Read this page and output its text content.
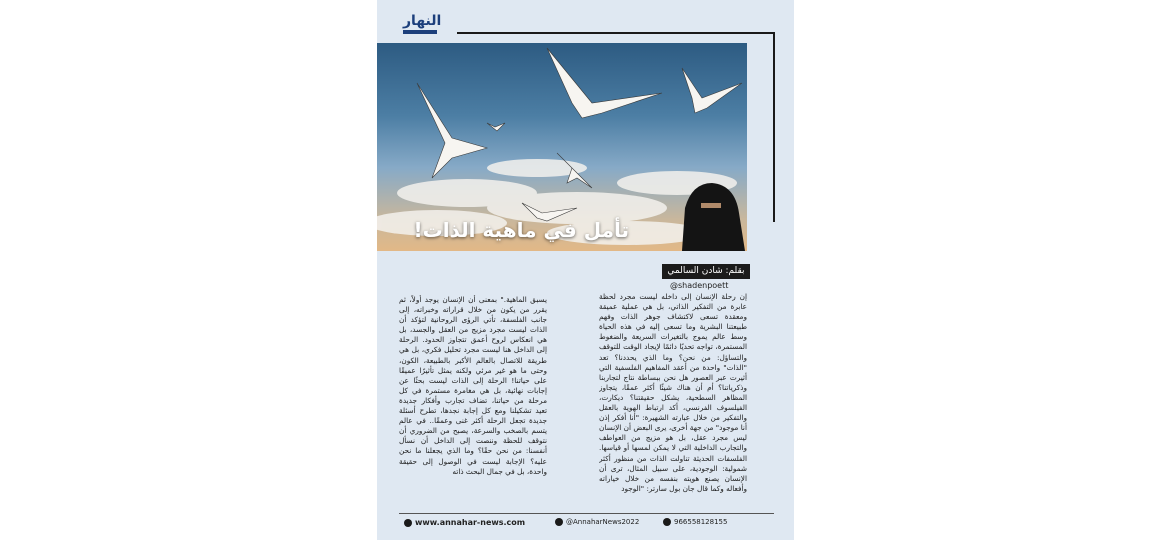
النهار
تأمل في ماهية الذات!
بقلم: شادن السالمي
@shadenpoett
إن رحلة الإنسان إلى داخله ليست مجرد لحظة عابرة من التفكير الذاتي، بل هي عملية عميقة ومعقدة تسعى لاكتشاف جوهر الذات وفهم طبيعتنا البشرية وما تسعى إليه في هذه الحياة وسط عالم يموج بالتغيرات السريعة والضغوط المستمرة، تواجه تحديًا دائمًا لإيجاد الوقت للتوقف والتساؤل: من نحن؟ وما الذي يحددنا؟ تعد "الذات" واحدة من أعقد المفاهيم الفلسفية التي أثيرت عبر العصور هل نحن ببساطة نتاج لتجاربنا وذكرياتنا؟ أم أن هناك شيئًا أكثر عمقًا، يتجاوز المظاهر السطحية، يشكل حقيقتنا؟ ديكارت، الفيلسوف الفرنسي، أكد ارتباط الهوية بالعقل والتفكير من خلال عبارته الشهيرة: "أنا أفكر إذن أنا موجود" من جهة أخرى، يرى البعض أن الإنسان ليس مجرد عقل، بل هو مزيج من العواطف والتجارب الداخلية التي لا يمكن لمسها أو قياسها. الفلسفات الحديثة تناولت الذات من منظور أكثر شمولية: الوجودية، على سبيل المثال، ترى أن الإنسان يصنع هويته بنفسه من خلال خياراته وأفعاله وكما قال جان بول سارتر: "الوجود
يسبق الماهية." بمعنى أن الإنسان يوجد أولاً، ثم يقرر من يكون من خلال قراراته وخبراته، إلى جانب الفلسفة، تأتي الرؤى الروحانية لتؤكد أن الذات ليست مجرد مزيج من العقل والجسد، بل هي انعكاس لروح أعمق تتجاوز الحدود. الرحلة إلى الداخل هنا ليست مجرد تحليل فكري، بل هي طريقة للاتصال بالعالم الأكبر بالطبيعة، الكون، وحتى ما هو غير مرئي ولكنه يمثل تأثيرًا عميقًا على حياتنا! الرحلة إلى الذات ليست بحثًا عن إجابات نهائية، بل هي مغامرة مستمرة في كل مرحلة من حياتنا، تضاف تجارب وأفكار جديدة تعيد تشكيلنا ومع كل إجابة نجدها، تطرح أسئلة جديدة تجعل الرحلة أكثر غنى وعمقًا.. في عالم يتسم بالصخب والسرعة، يصبح من الضروري أن نتوقف للحظة وننصت إلى الداخل أن نسأل أنفسنا: من نحن حقًا؟ وما الذي يجعلنا ما نحن عليه؟ الإجابة ليست في الوصول إلى حقيقة واحدة، بل في جمال البحث ذاته
www.annahar-news.com	@AnnaharNews2022	966558128155
